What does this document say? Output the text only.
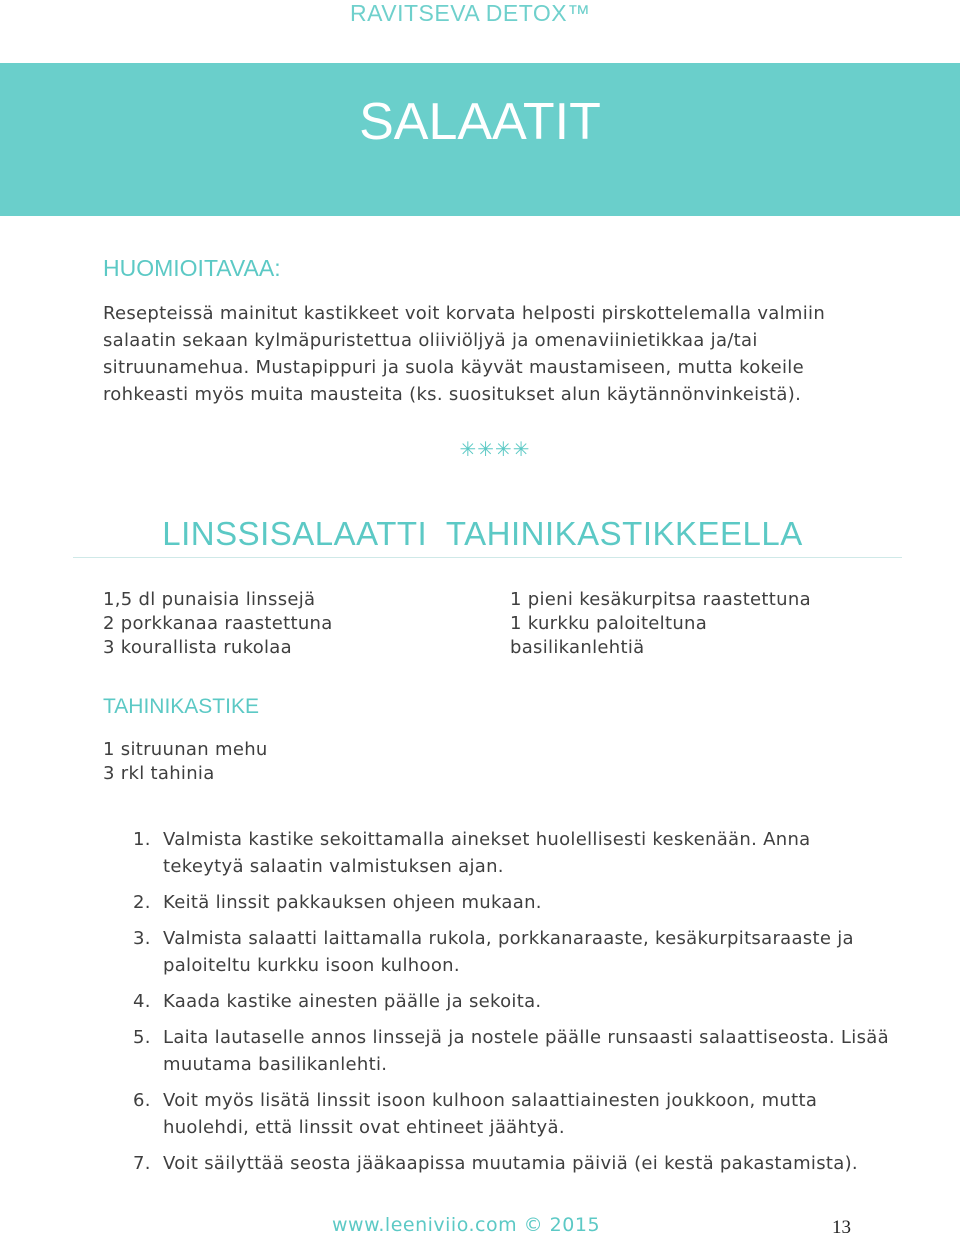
RAVITSEVA DETOX™
SALAATIT
HUOMIOITAVAA:

Resepteissä mainitut kastikkeet voit korvata helposti pirskottelemalla valmiin salaatin sekaan kylmäpuristettua oliiviöljyä ja omenaviinietikkaa ja/tai sitruunamehua. Mustapippuri ja suola käyvät maustamiseen, mutta kokeile rohkeasti myös muita mausteita (ks. suositukset alun käytännönvinkeistä).

✳✳✳✳
LINSSISALAATTI  TAHINIKASTIKKEELLA
1,5 dl punaisia linssejä
2 porkkanaa raastettuna
3 kourallista rukolaa
1 pieni kesäkurpitsa raastettuna
1 kurkku paloiteltuna
basilikanlehtiä
TAHINIKASTIKE
1 sitruunan mehu
3 rkl tahinia
1. Valmista kastike sekoittamalla ainekset huolellisesti keskenään. Anna tekeytyä salaatin valmistuksen ajan.
2. Keitä linssit pakkauksen ohjeen mukaan.
3. Valmista salaatti laittamalla rukola, porkkanaraaste, kesäkurpitsaraaste ja paloiteltu kurkku isoon kulhoon.
4. Kaada kastike ainesten päälle ja sekoita.
5. Laita lautaselle annos linssejä ja nostele päälle runsaasti salaattiseosta. Lisää muutama basilikanlehti.
6. Voit myös lisätä linssit isoon kulhoon salaattiainesten joukkoon, mutta huolehdi, että linssit ovat ehtineet jäähtyä.
7. Voit säilyttää seosta jääkaapissa muutamia päiviä (ei kestä pakastamista).
www.leeniviio.com © 2015	13
